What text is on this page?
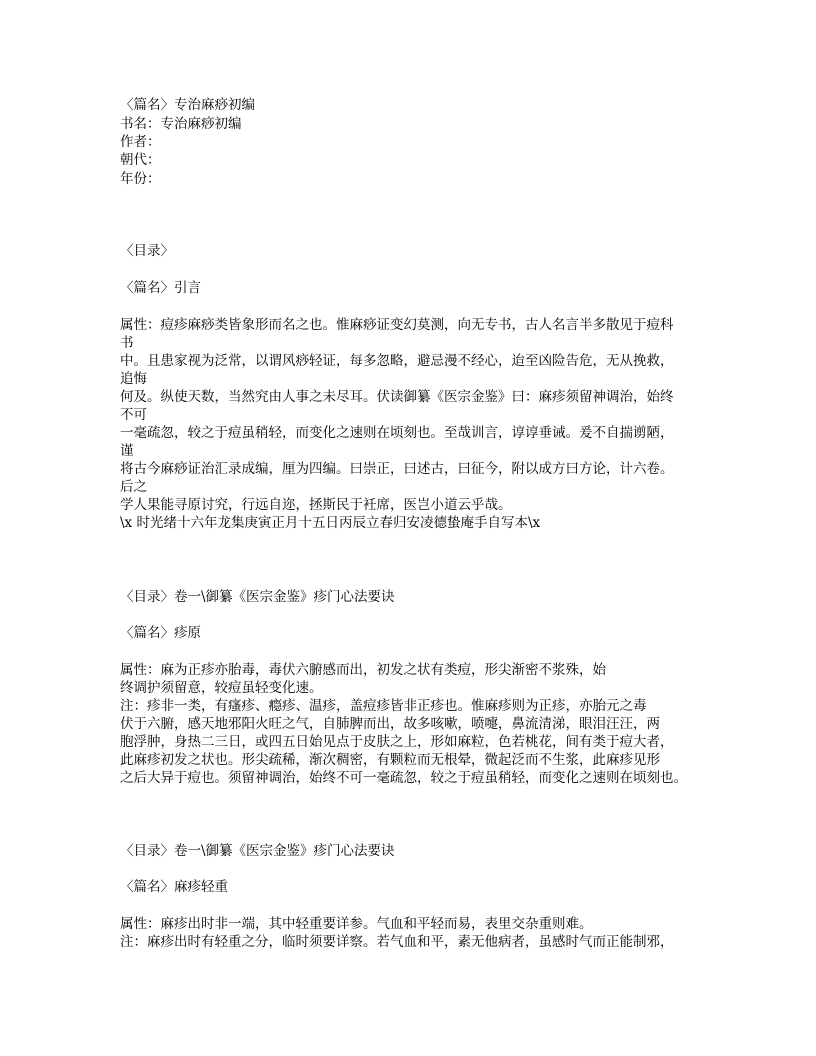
〈篇名〉专治麻痧初编
书名：专治麻痧初编
作者：
朝代：
年份：
〈目录〉
〈篇名〉引言
属性：痘疹麻痧类皆象形而名之也。惟麻痧证变幻莫测，向无专书，古人名言半多散见于痘科
书
中。且患家视为泛常，以谓风痧轻证，每多忽略，避忌漫不经心，迨至凶险告危，无从挽救，
追悔
何及。纵使天数，当然究由人事之未尽耳。伏读御纂《医宗金鉴》曰：麻疹须留神调治，始终
不可
一毫疏忽，较之于痘虽稍轻，而变化之速则在顷刻也。至哉训言，谆谆垂诫。爰不自揣谫陋，
谨
将古今麻痧证治汇录成编，厘为四编。曰崇正，曰述古，曰征今，附以成方曰方论，计六卷。
后之
学人果能寻原讨究，行远自迩，拯斯民于衽席，医岂小道云乎哉。
\x 时光绪十六年龙集庚寅正月十五日丙辰立春归安凌德蛰庵手自写本\x
〈目录〉卷一\御纂《医宗金鉴》疹门心法要诀
〈篇名〉疹原
属性：麻为正疹亦胎毒，毒伏六腑感而出，初发之状有类痘，形尖渐密不浆殊，始
终调护须留意，较痘虽轻变化速。
注：疹非一类，有瘙疹、瘾疹、温疹，盖痘疹皆非正疹也。惟麻疹则为正疹，亦胎元之毒
伏于六腑，感天地邪阳火旺之气，自肺脾而出，故多咳嗽，喷嚏，鼻流清涕，眼泪汪汪，两
胞浮肿，身热二三日，或四五日始见点于皮肤之上，形如麻粒，色若桃花，间有类于痘大者，
此麻疹初发之状也。形尖疏稀，渐次稠密，有颗粒而无根晕，微起泛而不生浆，此麻疹见形
之后大异于痘也。须留神调治，始终不可一毫疏忽，较之于痘虽稍轻，而变化之速则在顷刻也。
〈目录〉卷一\御纂《医宗金鉴》疹门心法要诀
〈篇名〉麻疹轻重
属性：麻疹出时非一端，其中轻重要详参。气血和平轻而易，表里交杂重则难。
注：麻疹出时有轻重之分，临时须要详察。若气血和平，素无他病者，虽感时气而正能制邪，
